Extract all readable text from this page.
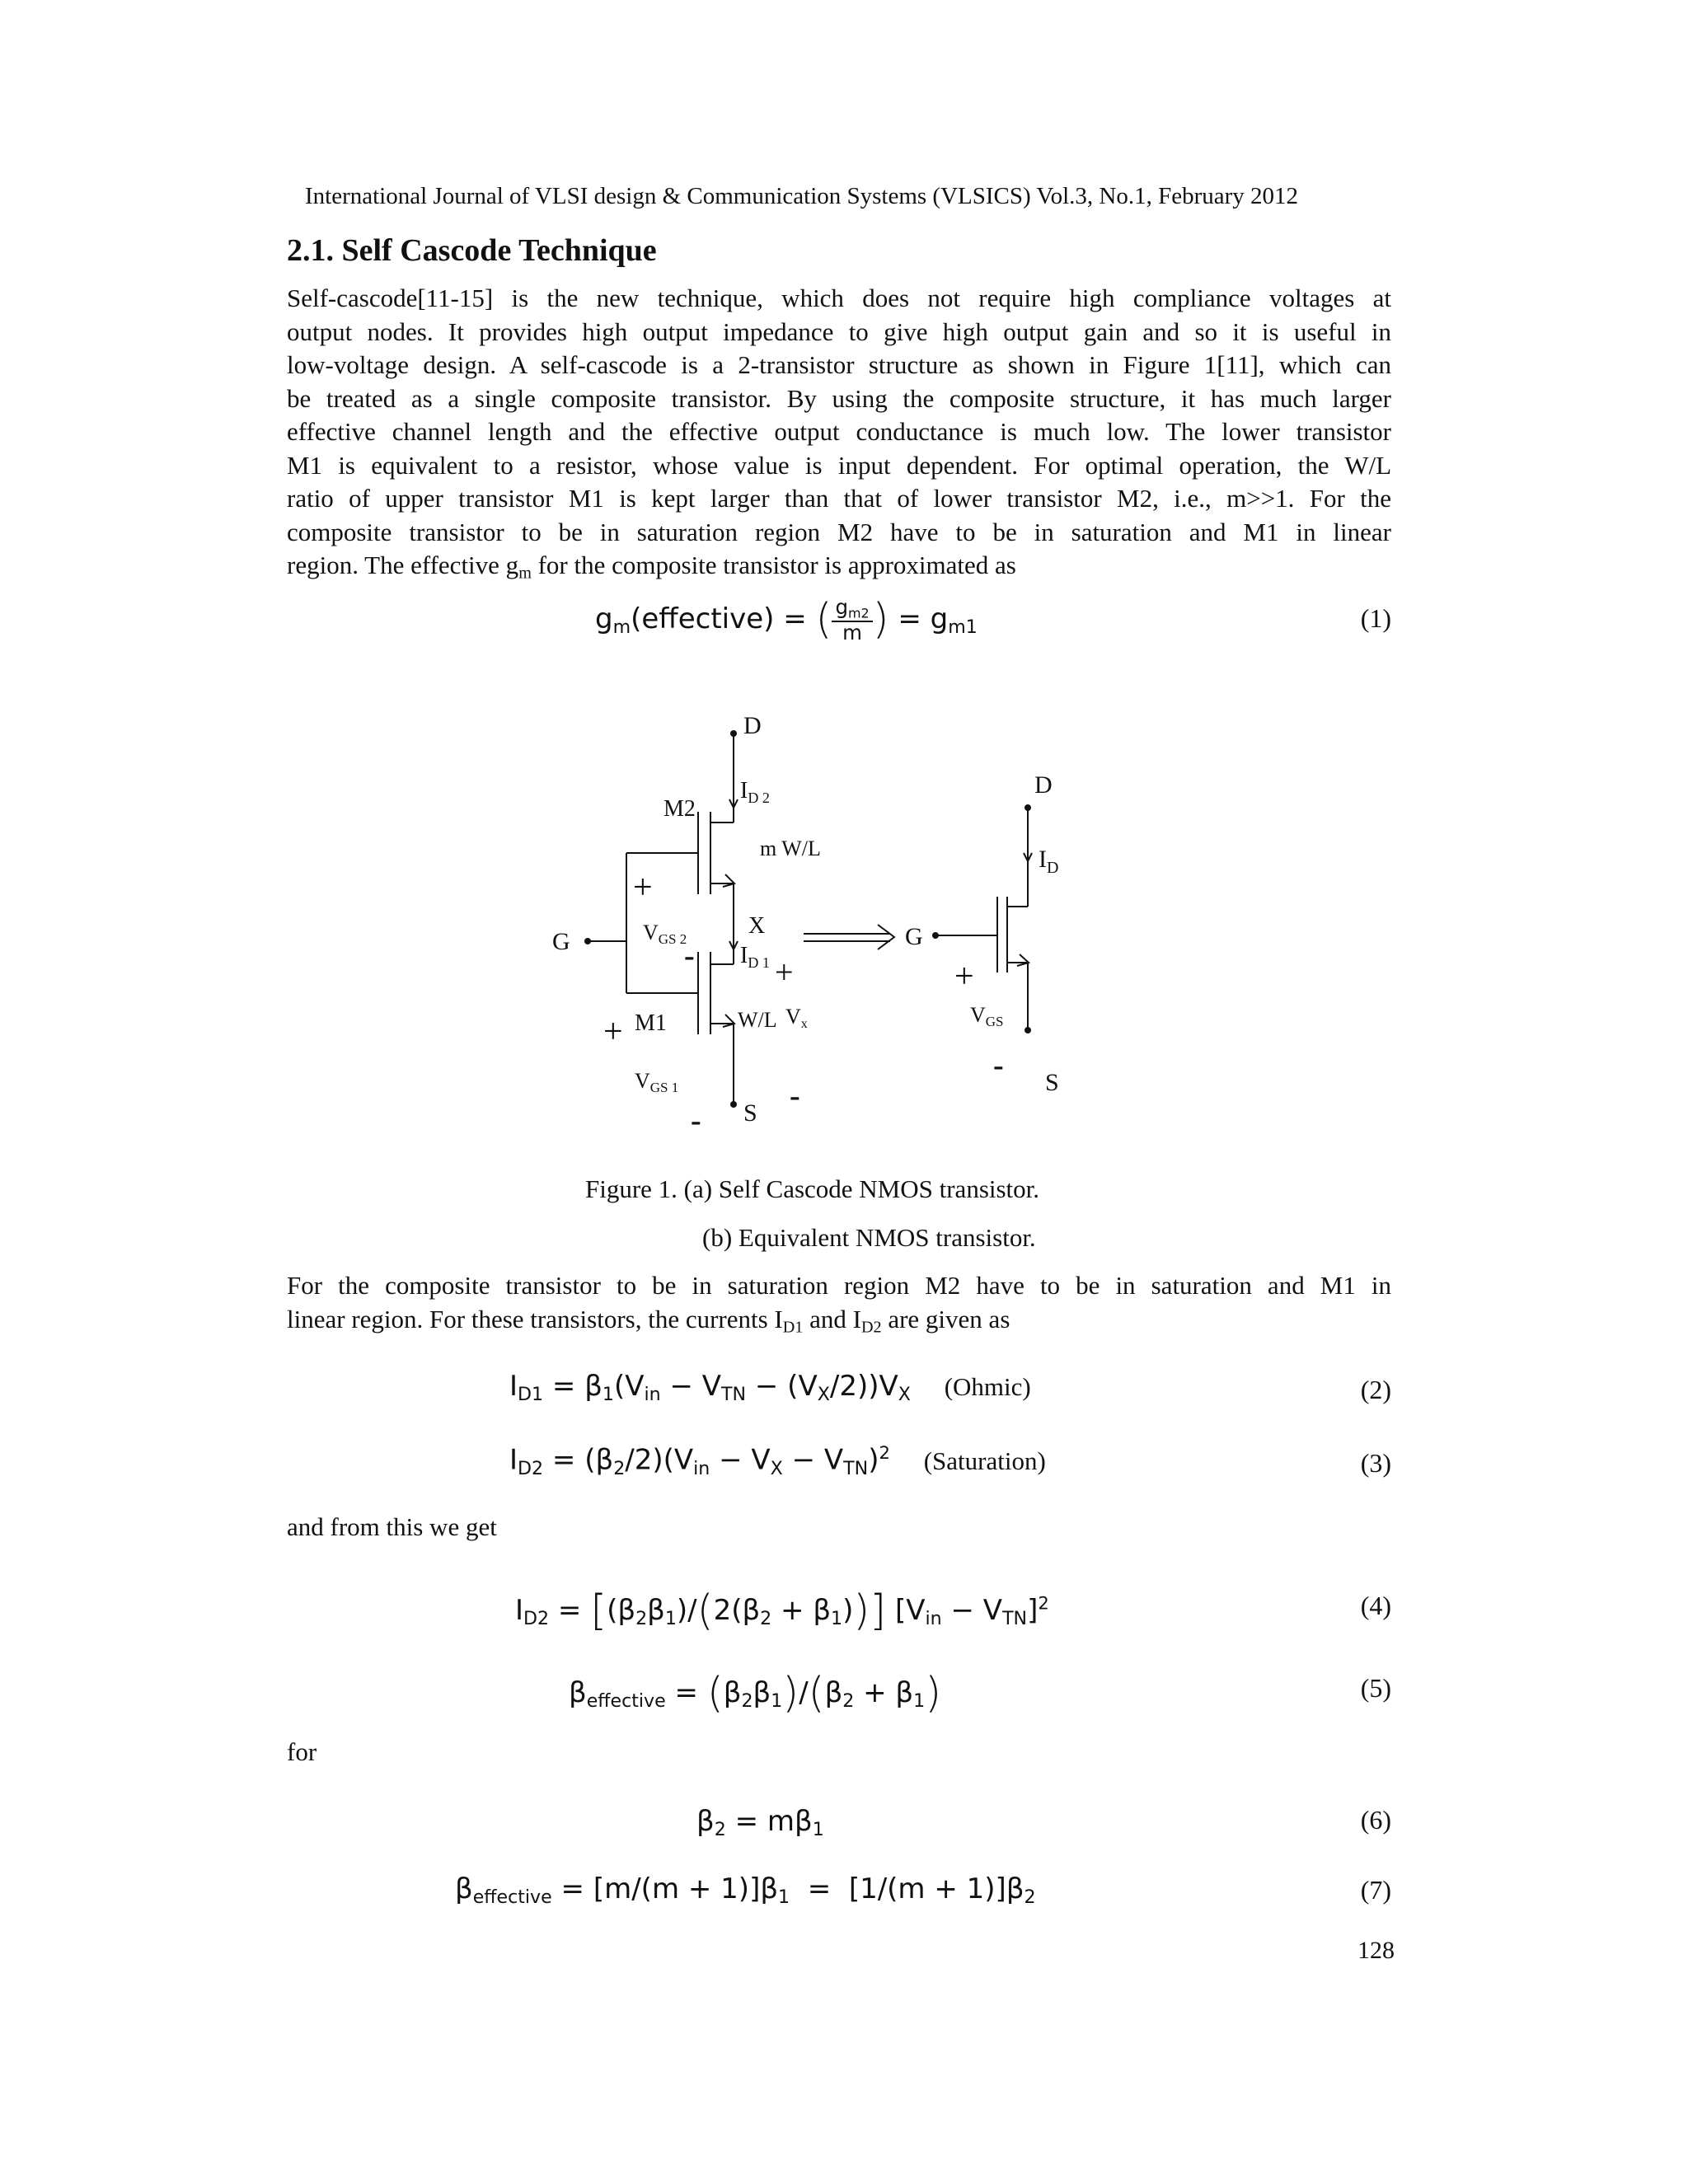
International Journal of VLSI design & Communication Systems (VLSICS) Vol.3, No.1, February 2012
2.1. Self Cascode Technique
Self-cascode[11-15] is the new technique, which does not require high compliance voltages at
output nodes. It provides high output impedance to give high output gain and so it is useful in
low-voltage design. A self-cascode is a 2-transistor structure as shown in Figure 1[11], which can
be treated as a single composite transistor. By using the composite structure, it has much larger
effective channel length and the effective output conductance is much low. The lower transistor
M1 is equivalent to a resistor, whose value is input dependent. For optimal operation, the W/L
ratio of upper transistor M1 is kept larger than that of lower transistor M2, i.e., m>>1. For the
composite transistor to be in saturation region M2 have to be in saturation and M1 in linear
region. The effective $g_m$ for the composite transistor is approximated as
$g_m(effective)$ = ( $\frac{g_{m2}}{m}$ ) = $g_{m1}$	(1)
D
S
G
M2
M1
$I_{D 2}$
m W/L
X
$I_{D 1}$
W/L Vx
VGS 2
VGS 1
+
- +
-
+
-
D
S
G
$I_D$
VGS
+
-
Figure 1. (a) Self Cascode NMOS transistor.
(b) Equivalent NMOS transistor.
For the composite transistor to be in saturation region M2 have to be in saturation and M1 in
linear region. For these transistors, the currents $I_{D1}$ and $I_{D2}$ are given as
$I_{D1} = \beta_1(V_{in} - V_{TN} - (V_X/2))V_X$ (Ohmic)	(2)
$I_{D2} = (\beta_2/2)(V_{in} - V_X - V_{TN})^2$ (Saturation)	(3)
and from this we get
$I_{D2} = [(\beta_2\beta_1)/(2(\beta_2 + \beta_1))] [V_{in} - V_{TN}]^2$	(4)
$\beta_{effective} = (\beta_2\beta_1)/(\beta_2 + \beta_1)$	(5)
for
$\beta_2 = m\beta_1$	(6)
$\beta_{effective} = [m/(m + 1)]\beta_1 = [1/(m + 1)]\beta_2$	(7)
128
